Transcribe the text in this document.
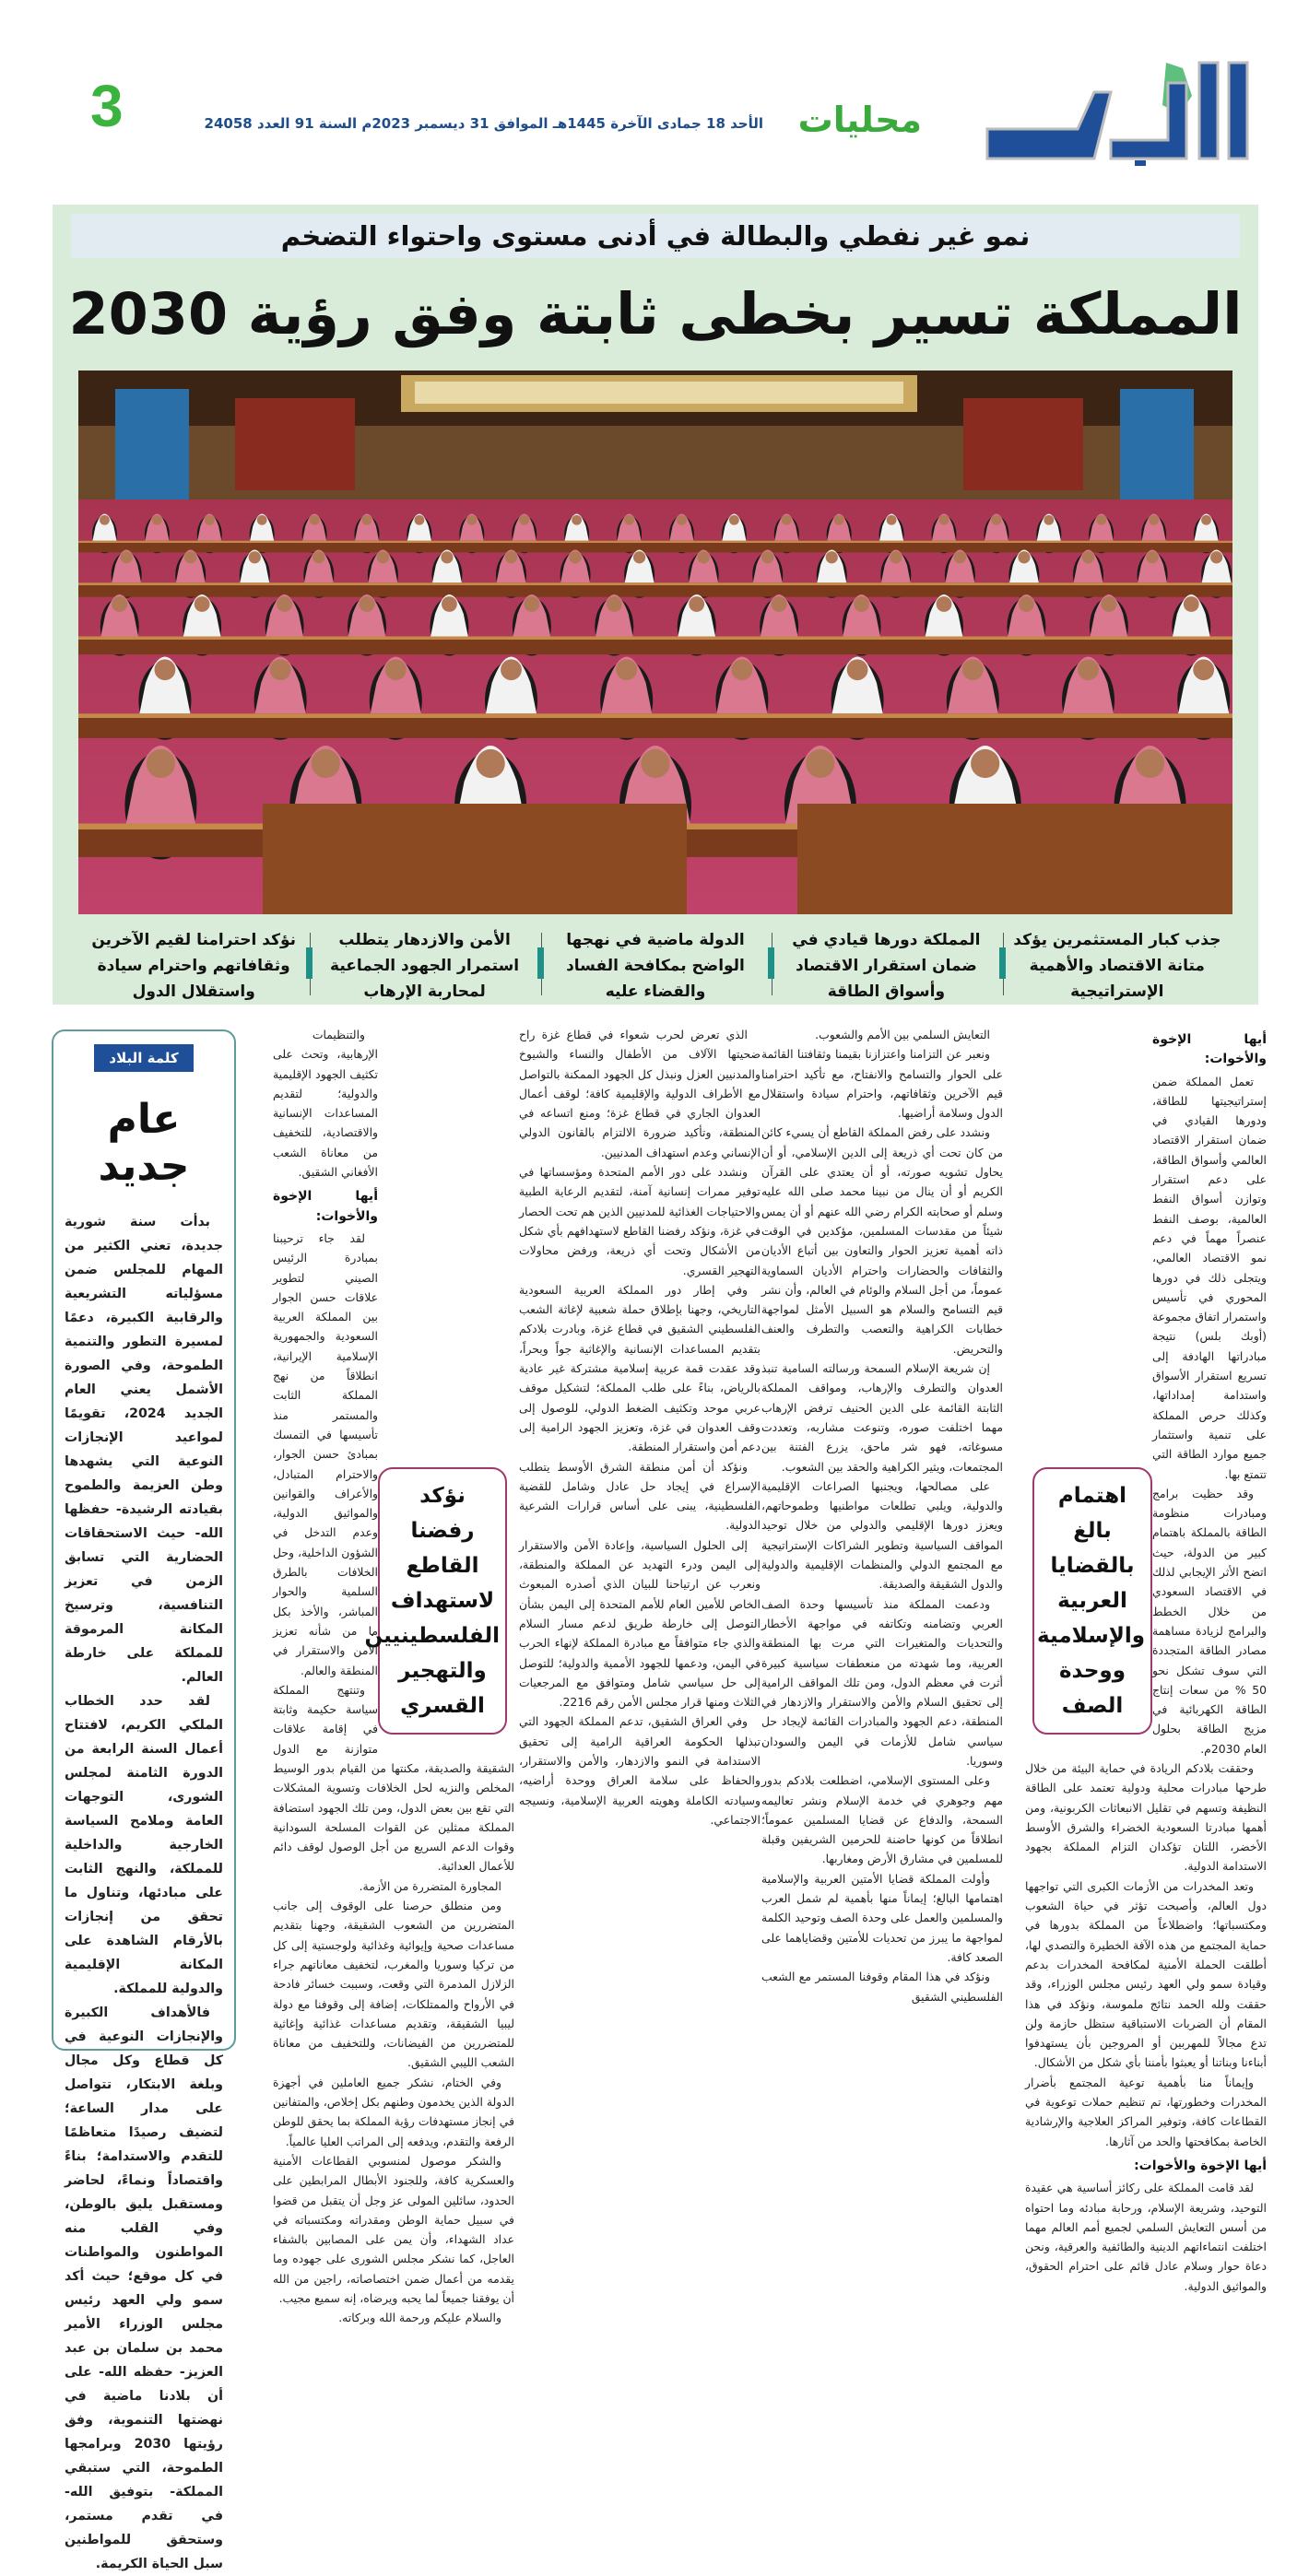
محليات
الأحد 18 جمادى الآخرة 1445هـ الموافق 31 ديسمبر 2023م السنة 91 العدد 24058
3
نمو غير نفطي والبطالة في أدنى مستوى واحتواء التضخم
المملكة تسير بخطى ثابتة وفق رؤية 2030
جذب كبار المستثمرين يؤكد متانة الاقتصاد والأهمية الإستراتيجية
المملكة دورها قيادي في ضمان استقرار الاقتصاد وأسواق الطاقة
الدولة ماضية في نهجها الواضح بمكافحة الفساد والقضاء عليه
الأمن والازدهار يتطلب استمرار الجهود الجماعية لمحاربة الإرهاب
نؤكد احترامنا لقيم الآخرين وثقافاتهم واحترام سيادة واستقلال الدول
كلمة البلاد
عام جديد

بدأت سنة شورية جديدة، تعني الكثير من المهام للمجلس ضمن مسؤلياته التشريعية والرقابية الكبيرة، دعمًا لمسيرة التطور والتنمية الطموحة، وفي الصورة الأشمل يعني العام الجديد 2024، تقويمًا لمواعيد الإنجازات النوعية التي يشهدها وطن العزيمة والطموح بقيادته الرشيدة- حفظها الله- حيث الاستحقاقات الحضارية التي تسابق الزمن في تعزيز التنافسية، وترسيخ المكانة المرموقة للمملكة على خارطة العالم.

لقد حدد الخطاب الملكي الكريم، لافتتاح أعمال السنة الرابعة من الدورة الثامنة لمجلس الشورى، التوجهات العامة وملامح السياسة الخارجية والداخلية للمملكة، والنهج الثابت على مبادئها، وتناول ما تحقق من إنجازات بالأرقام الشاهدة على المكانة الإقليمية والدولية للمملكة.

فالأهداف الكبيرة والإنجازات النوعية في كل قطاع وكل مجال وبلغة الابتكار، تتواصل على مدار الساعة؛ لتضيف رصيدًا متعاظمًا للتقدم والاستدامة؛ بناءً واقتصاداً ونماءً، لحاضر ومستقبل يليق بالوطن، وفي القلب منه المواطنون والمواطنات في كل موقع؛ حيث أكد سمو ولي العهد رئيس مجلس الوزراء الأمير محمد بن سلمان بن عبد العزيز- حفظه الله- على أن بلادنا ماضية في نهضتها التنموية، وفق رؤيتها 2030 وبرامجها الطموحة، التي ستبقي المملكة- بتوفيق الله- في تقدم مستمر، وستحقق للمواطنين سبل الحياة الكريمة.

اهتمام بالغ بالقضايا العربية والإسلامية ووحدة الصف
أيها الإخوة والأخوات:

تعمل المملكة ضمن إستراتيجيتها للطاقة، ودورها القيادي في ضمان استقرار الاقتصاد العالمي وأسواق الطاقة، على دعم استقرار وتوازن أسواق النفط العالمية، بوصف النفط عنصراً مهماً في دعم نمو الاقتصاد العالمي، ويتجلى ذلك في دورها المحوري في تأسيس واستمرار اتفاق مجموعة (أوبك بلس) نتيجة مبادراتها الهادفة إلى تسريع استقرار الأسواق واستدامة إمداداتها، وكذلك حرص المملكة على تنمية واستثمار جميع موارد الطاقة التي تتمتع بها.

وقد حظيت برامج ومبادرات منظومة الطاقة بالمملكة باهتمام كبير من الدولة، حيث اتضح الأثر الإيجابي لذلك في الاقتصاد السعودي من خلال الخطط والبرامج لزيادة مساهمة مصادر الطاقة المتجددة التي سوف تشكل نحو 50 % من سعات إنتاج الطاقة الكهربائية في مزيج الطاقة بحلول العام 2030م.

وحققت بلادكم الريادة في حماية البيئة من خلال طرحها مبادرات محلية ودولية تعتمد على الطاقة النظيفة وتسهم في تقليل الانبعاثات الكربونية، ومن أهمها مبادرتا السعودية الخضراء والشرق الأوسط الأخضر، اللتان تؤكدان التزام المملكة بجهود الاستدامة الدولية.

وتعد المخدرات من الأزمات الكبرى التي تواجهها دول العالم، وأصبحت تؤثر في حياة الشعوب ومكتسباتها؛ واضطلاعاً من المملكة بدورها في حماية المجتمع من هذه الآفة الخطيرة والتصدي لها، أطلقت الحملة الأمنية لمكافحة المخدرات بدعم وقيادة سمو ولي العهد رئيس مجلس الوزراء، وقد حققت ولله الحمد نتائج ملموسة، ونؤكد في هذا المقام أن الضربات الاستباقية ستظل حازمة ولن تدع مجالاً للمهربين أو المروجين بأن يستهدفوا أبناءنا وبناتنا أو يعبثوا بأمننا بأي شكل من الأشكال.

وإيماناً منا بأهمية توعية المجتمع بأضرار المخدرات وخطورتها، تم تنظيم حملات توعوية في القطاعات كافة، وتوفير المراكز العلاجية والإرشادية الخاصة بمكافحتها والحد من آثارها.

أيها الإخوة والأخوات:

لقد قامت المملكة على ركائز أساسية هي عقيدة التوحيد، وشريعة الإسلام، ورحابة مبادئه وما احتواه من أسس التعايش السلمي لجميع أمم العالم مهما اختلفت انتماءاتهم الدينية والطائفية والعرقية، ونحن دعاة حوار وسلام عادل قائم على احترام الحقوق، والمواثيق الدولية.

التعايش السلمي بين الأمم والشعوب.

ونعبر عن التزامنا واعتزازنا بقيمنا وثقافتنا القائمة على الحوار والتسامح والانفتاح، مع تأكيد احترامنا قيم الآخرين وثقافاتهم، واحترام سيادة واستقلال الدول وسلامة أراضيها.

ونشدد على رفض المملكة القاطع أن يسيء كائن من كان تحت أي ذريعة إلى الدين الإسلامي، أو أن يحاول تشويه صورته، أو أن يعتدي على القرآن الكريم أو أن ينال من نبينا محمد صلى الله عليه وسلم أو صحابته الكرام رضي الله عنهم أو أن يمس شيئاً من مقدسات المسلمين، مؤكدين في الوقت ذاته أهمية تعزيز الحوار والتعاون بين أتباع الأديان والثقافات والحضارات واحترام الأديان السماوية عموماً، من أجل السلام والوئام في العالم، وأن نشر قيم التسامح والسلام هو السبيل الأمثل لمواجهة خطابات الكراهية والتعصب والتطرف والعنف والتحريض.

إن شريعة الإسلام السمحة ورسالته السامية تنبذ العدوان والتطرف والإرهاب، ومواقف المملكة الثابتة القائمة على الدين الحنيف ترفض الإرهاب مهما اختلفت صوره، وتنوعت مشاربه، وتعددت مسوغاته، فهو شر ماحق، يزرع الفتنة بين المجتمعات، ويثير الكراهية والحقد بين الشعوب.

على مصالحها، ويجنبها الصراعات الإقليمية والدولية، ويلبي تطلعات مواطنيها وطموحاتهم، ويعزز دورها الإقليمي والدولي من خلال توحيد المواقف السياسية وتطوير الشراكات الإستراتيجية مع المجتمع الدولي والمنظمات الإقليمية والدولية والدول الشقيقة والصديقة.

ودعمت المملكة منذ تأسيسها وحدة الصف العربي وتضامنه وتكاتفه في مواجهة الأخطار والتحديات والمتغيرات التي مرت بها المنطقة العربية، وما شهدته من منعطفات سياسية كبيرة أثرت في معظم الدول، ومن تلك المواقف الرامية إلى تحقيق السلام والأمن والاستقرار والازدهار في المنطقة، دعم الجهود والمبادرات القائمة لإيجاد حل سياسي شامل للأزمات في اليمن والسودان وسوريا.

وعلى المستوى الإسلامي، اضطلعت بلادكم بدور مهم وجوهري في خدمة الإسلام ونشر تعاليمه السمحة، والدفاع عن قضايا المسلمين عموماً؛ انطلاقاً من كونها حاضنة للحرمين الشريفين وقبلة للمسلمين في مشارق الأرض ومغاربها.

وأولت المملكة قضايا الأمتين العربية والإسلامية اهتمامها البالغ؛ إيماناً منها بأهمية لم شمل العرب والمسلمين والعمل على وحدة الصف وتوحيد الكلمة لمواجهة ما يبرز من تحديات للأمتين وقضاياهما على الصعد كافة.

ونؤكد في هذا المقام وقوفنا المستمر مع الشعب الفلسطيني الشقيق

الذي تعرض لحرب شعواء في قطاع غزة راح ضحيتها الآلاف من الأطفال والنساء والشيوخ والمدنيين العزل ونبذل كل الجهود الممكنة بالتواصل مع الأطراف الدولية والإقليمية كافة؛ لوقف أعمال العدوان الجاري في قطاع غزة؛ ومنع اتساعه في المنطقة، وتأكيد ضرورة الالتزام بالقانون الدولي الإنساني وعدم استهداف المدنيين.

ونشدد على دور الأمم المتحدة ومؤسساتها في توفير ممرات إنسانية آمنة، لتقديم الرعاية الطبية والاحتياجات الغذائية للمدنيين الذين هم تحت الحصار في غزة، ونؤكد رفضنا القاطع لاستهدافهم بأي شكل من الأشكال وتحت أي ذريعة، ورفض محاولات التهجير القسري.

وفي إطار دور المملكة العربية السعودية التاريخي، وجهنا بإطلاق حملة شعبية لإغاثة الشعب الفلسطيني الشقيق في قطاع غزة، وبادرت بلادكم بتقديم المساعدات الإنسانية والإغاثية جواً وبحراً، وقد عقدت قمة عربية إسلامية مشتركة غير عادية بالرياض، بناءً على طلب المملكة؛ لتشكيل موقف عربي موحد وتكثيف الضغط الدولي، للوصول إلى وقف العدوان في غزة، وتعزيز الجهود الرامية إلى دعم أمن واستقرار المنطقة.

ونؤكد أن أمن منطقة الشرق الأوسط يتطلب الإسراع في إيجاد حل عادل وشامل للقضية الفلسطينية، يبنى على أساس قرارات الشرعية الدولية.

إلى الحلول السياسية، وإعادة الأمن والاستقرار إلى اليمن ودرء التهديد عن المملكة والمنطقة، ونعرب عن ارتياحنا للبيان الذي أصدره المبعوث الخاص للأمين العام للأمم المتحدة إلى اليمن بشأن التوصل إلى خارطة طريق لدعم مسار السلام والذي جاء متوافقاً مع مبادرة المملكة لإنهاء الحرب في اليمن، ودعمها للجهود الأممية والدولية؛ للتوصل إلى حل سياسي شامل ومتوافق مع المرجعيات الثلاث ومنها قرار مجلس الأمن رقم 2216.

وفي العراق الشقيق، تدعم المملكة الجهود التي تبذلها الحكومة العراقية الرامية إلى تحقيق الاستدامة في النمو والازدهار، والأمن والاستقرار، والحفاظ على سلامة العراق ووحدة أراضيه، وسيادته الكاملة وهويته العربية الإسلامية، ونسيجه الاجتماعي.

نؤكد رفضنا القاطع لاستهداف الفلسطينيين والتهجير القسري

والتنظيمات الإرهابية، وتحث على تكثيف الجهود الإقليمية والدولية؛ لتقديم المساعدات الإنسانية والاقتصادية، للتخفيف من معاناة الشعب الأفغاني الشقيق.

أيها الإخوة والأخوات:

لقد جاء ترحيبنا بمبادرة الرئيس الصيني لتطوير علاقات حسن الجوار بين المملكة العربية السعودية والجمهورية الإسلامية الإيرانية، انطلاقاً من نهج المملكة الثابت والمستمر منذ تأسيسها في التمسك بمبادئ حسن الجوار، والاحترام المتبادل، والأعراف والقوانين والمواثيق الدولية، وعدم التدخل في الشؤون الداخلية، وحل الخلافات بالطرق السلمية والحوار المباشر، والأخذ بكل ما من شأنه تعزيز الأمن والاستقرار في المنطقة والعالم.

وتنتهج المملكة سياسة حكيمة وثابتة في إقامة علاقات متوازنة مع الدول الشقيقة والصديقة، مكنتها من القيام بدور الوسيط المخلص والنزيه لحل الخلافات وتسوية المشكلات التي تقع بين بعض الدول، ومن تلك الجهود استضافة المملكة ممثلين عن القوات المسلحة السودانية وقوات الدعم السريع من أجل الوصول لوقف دائم للأعمال العدائية.

المجاورة المتضررة من الأزمة.

ومن منطلق حرصنا على الوقوف إلى جانب المتضررين من الشعوب الشقيقة، وجهنا بتقديم مساعدات صحية وإيوائية وغذائية ولوجستية إلى كل من تركيا وسوريا والمغرب، لتخفيف معاناتهم جراء الزلازل المدمرة التي وقعت، وسببت خسائر فادحة في الأرواح والممتلكات، إضافة إلى وقوفنا مع دولة ليبيا الشقيقة، وتقديم مساعدات غذائية وإغاثية للمتضررين من الفيضانات، وللتخفيف من معاناة الشعب الليبي الشقيق.

وفي الختام، نشكر جميع العاملين في أجهزة الدولة الذين يخدمون وطنهم بكل إخلاص، والمتفانين في إنجاز مستهدفات رؤية المملكة بما يحقق للوطن الرفعة والتقدم، ويدفعه إلى المراتب العليا عالمياً.

والشكر موصول لمنسوبي القطاعات الأمنية والعسكرية كافة، وللجنود الأبطال المرابطين على الحدود، سائلين المولى عز وجل أن يتقبل من قضوا في سبيل حماية الوطن ومقدراته ومكتسباته في عداد الشهداء، وأن يمن على المصابين بالشفاء العاجل، كما نشكر مجلس الشورى على جهوده وما يقدمه من أعمال ضمن اختصاصاته، راجين من الله أن يوفقنا جميعاً لما يحبه ويرضاه، إنه سميع مجيب.

والسلام عليكم ورحمة الله وبركاته.
